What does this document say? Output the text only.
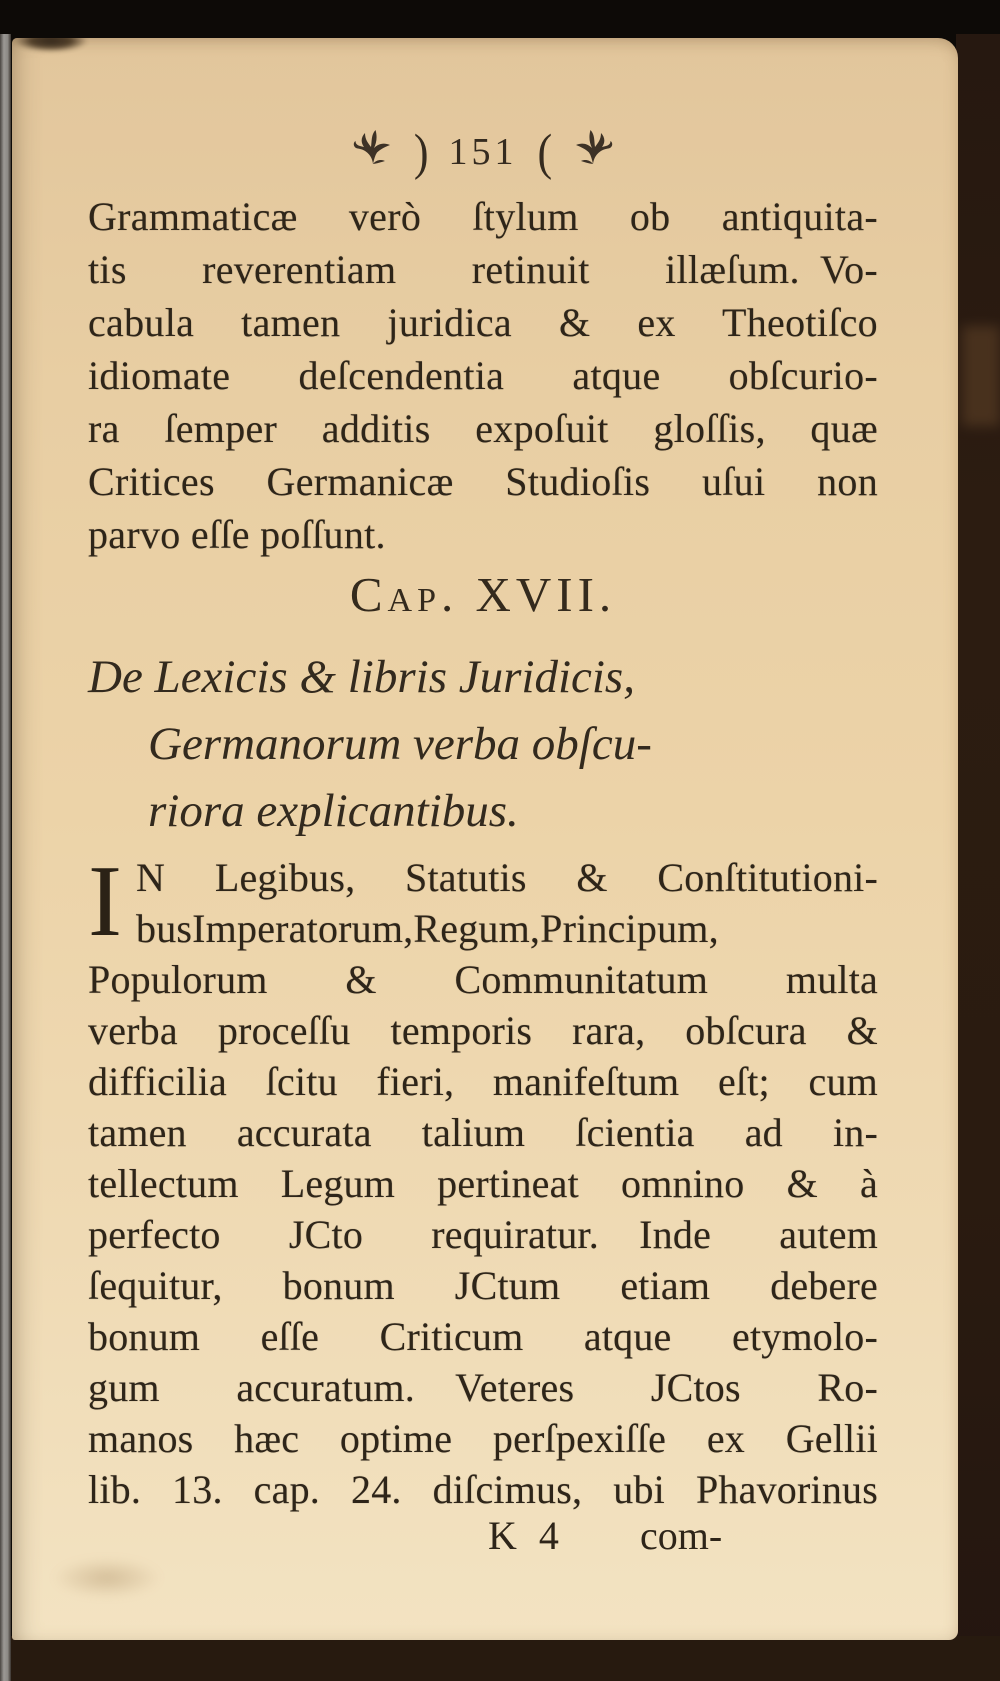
) 151 (
Grammaticæ verò ſtylum ob antiquita-
tis reverentiam retinuit illæſum. Vo-
cabula tamen juridica & ex Theotiſco
idiomate deſcendentia atque obſcurio-
ra ſemper additis expoſuit gloſſis, quæ
Critices Germanicæ Studioſis uſui non
parvo eſſe poſſunt.
Cap. XVII.
De Lexicis & libris Juridicis,
Germanorum verba obſcu-
riora explicantibus.
I N Legibus, Statutis & Conſtitutioni-
busImperatorum,Regum,Principum,
Populorum & Communitatum multa
verba proceſſu temporis rara, obſcura &
difficilia ſcitu fieri, manifeſtum eſt; cum
tamen accurata talium ſcientia ad in-
tellectum Legum pertineat omnino & à
perfecto JCto requiratur. Inde autem
ſequitur, bonum JCtum etiam debere
bonum eſſe Criticum atque etymolo-
gum accuratum. Veteres JCtos Ro-
manos hæc optime perſpexiſſe ex Gellii
lib. 13. cap. 24. diſcimus, ubi Phavorinus
K 4 com-
